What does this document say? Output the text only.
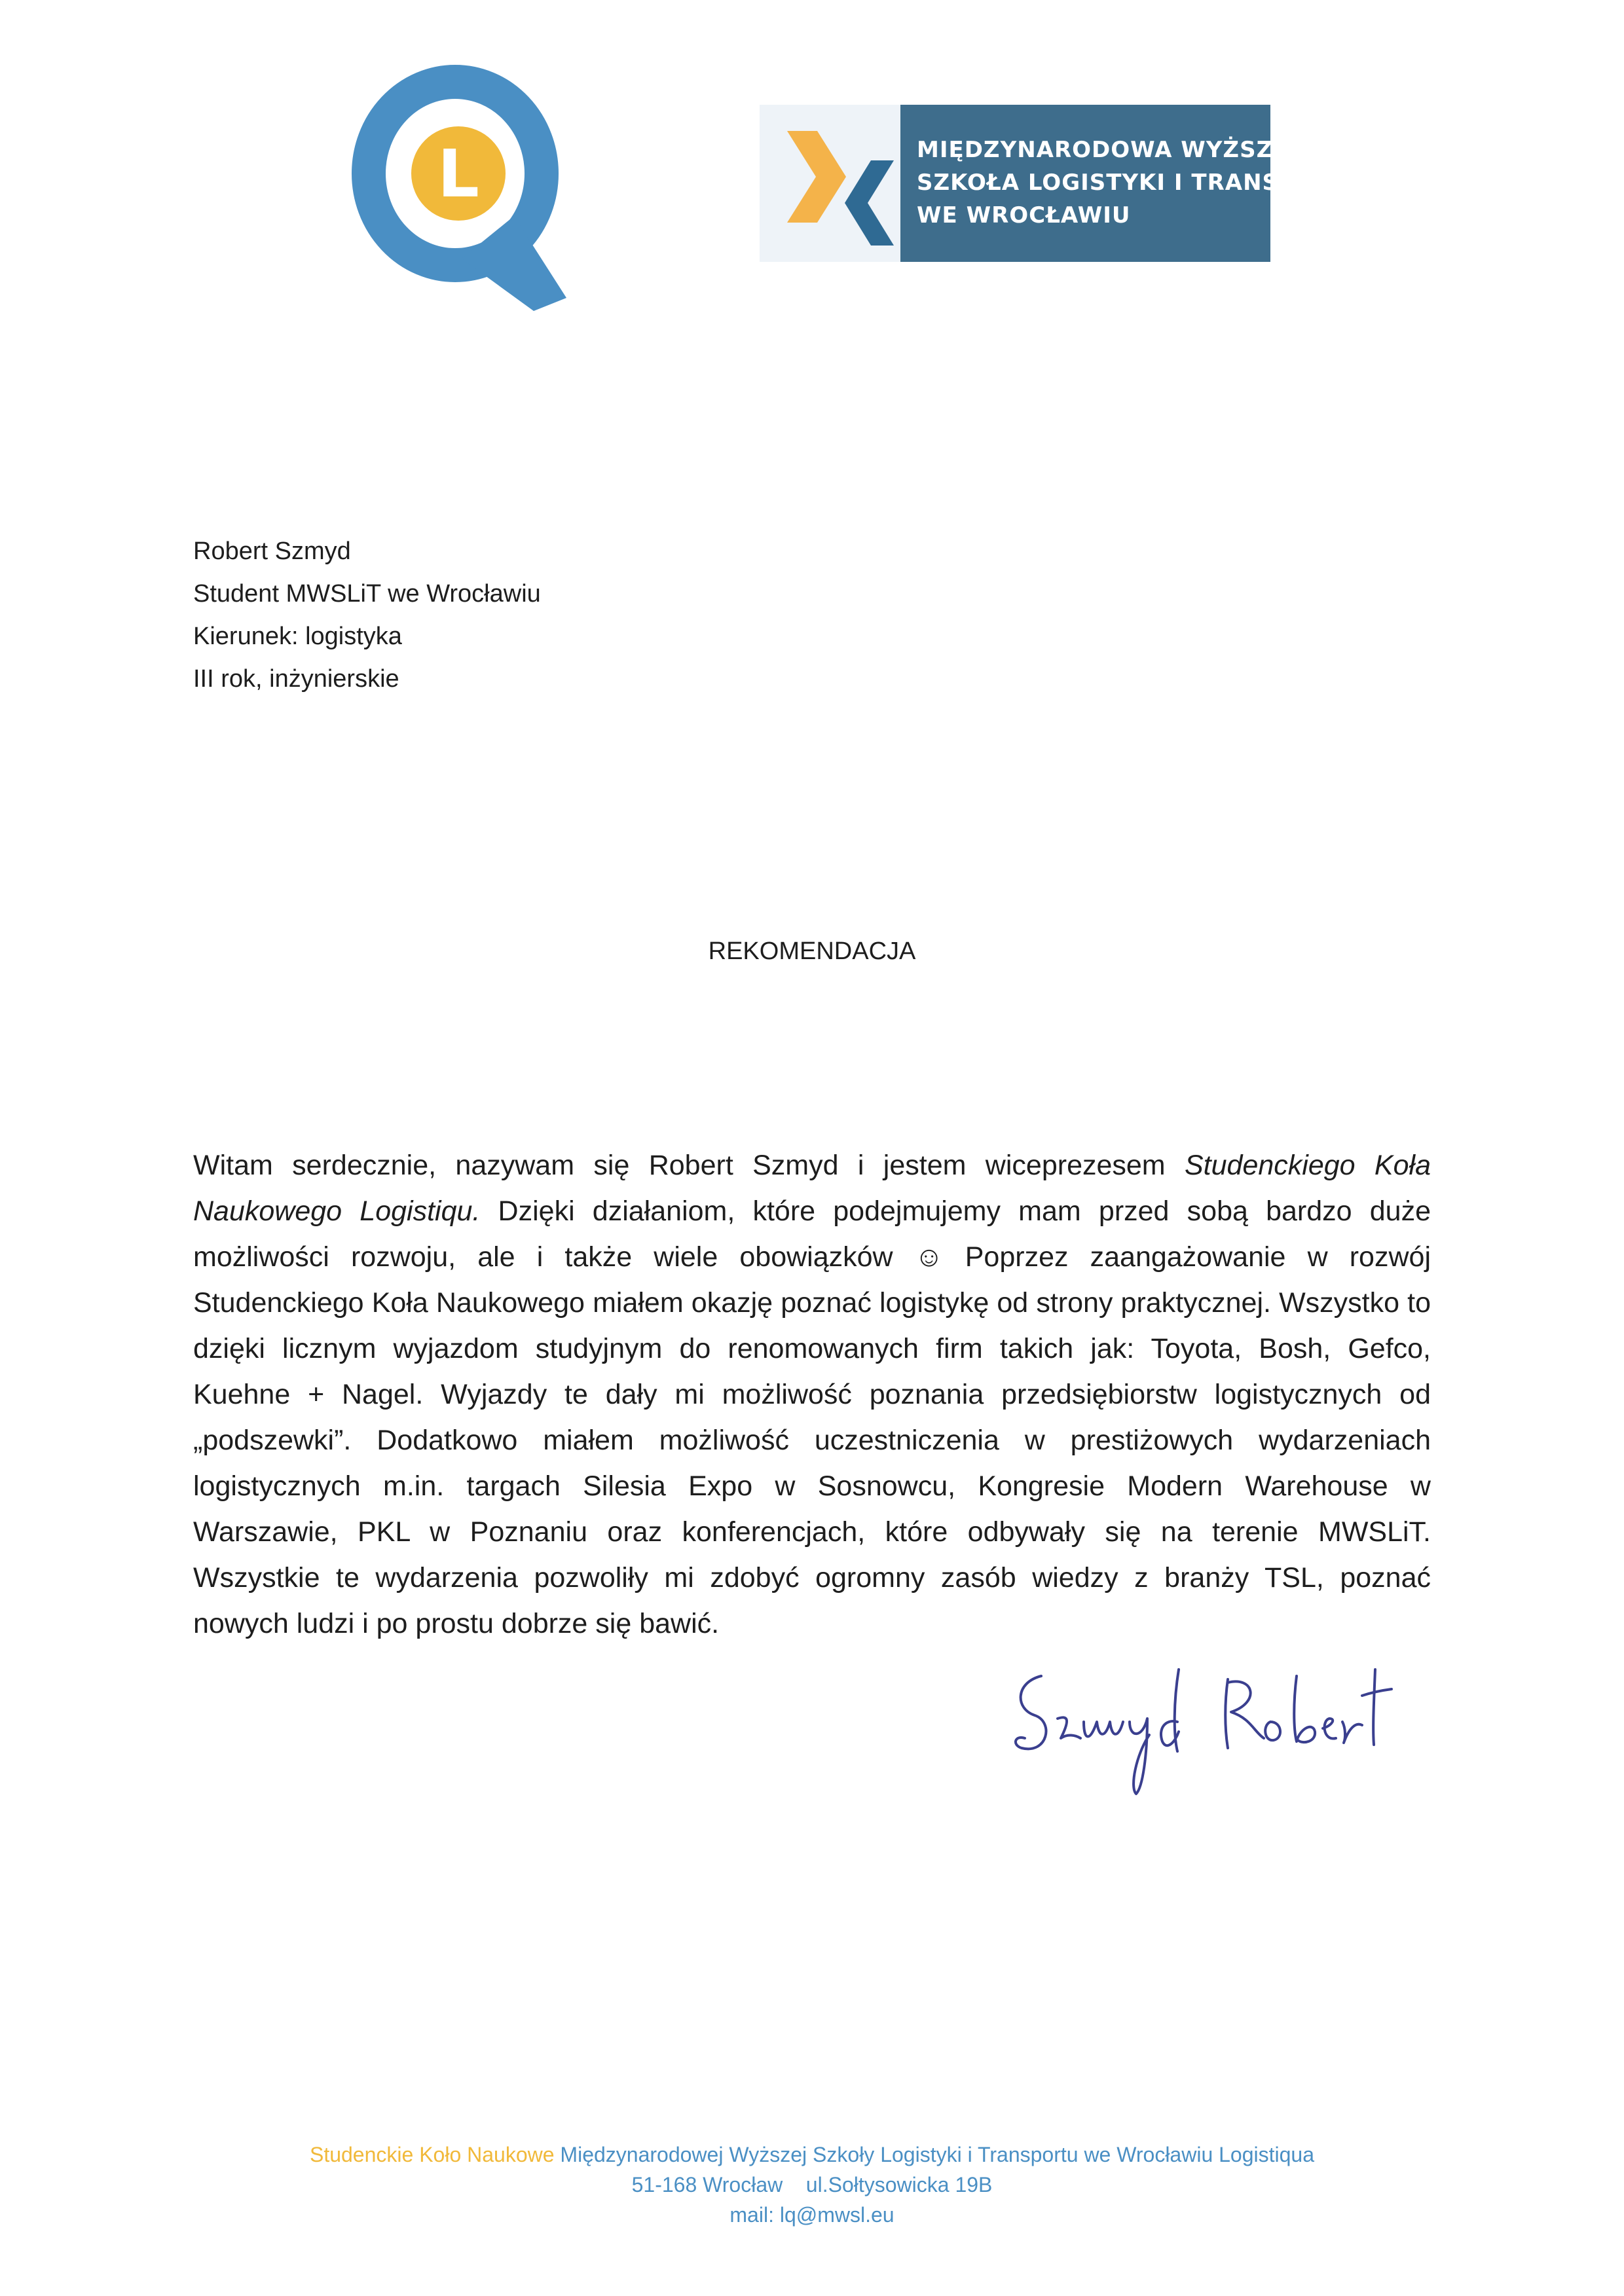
L	MIĘDZYNARODOWA WYŻSZA
SZKOŁA LOGISTYKI I TRANSPORTU
WE WROCŁAWIU
Robert Szmyd
Student MWSLiT we Wrocławiu
Kierunek: logistyka
III rok, inżynierskie
REKOMENDACJA
Witam serdecznie, nazywam się Robert Szmyd i jestem wiceprezesem Studenckiego Koła Naukowego Logistiqu. Dzięki działaniom, które podejmujemy mam przed sobą bardzo duże możliwości rozwoju, ale i także wiele obowiązków ☺ Poprzez zaangażowanie w rozwój Studenckiego Koła Naukowego miałem okazję poznać logistykę od strony praktycznej. Wszystko to dzięki licznym wyjazdom studyjnym do renomowanych firm takich jak: Toyota, Bosh, Gefco, Kuehne + Nagel. Wyjazdy te dały mi możliwość poznania przedsiębiorstw logistycznych od „podszewki”. Dodatkowo miałem możliwość uczestniczenia w prestiżowych wydarzeniach logistycznych m.in. targach Silesia Expo w Sosnowcu, Kongresie Modern Warehouse w Warszawie, PKL w Poznaniu oraz konferencjach, które odbywały się na terenie MWSLiT. Wszystkie te wydarzenia pozwoliły mi zdobyć ogromny zasób wiedzy z branży TSL, poznać nowych ludzi i po prostu dobrze się bawić.
Studenckie Koło Naukowe Międzynarodowej Wyższej Szkoły Logistyki i Transportu we Wrocławiu Logistiqua
51-168 Wrocław    ul.Sołtysowicka 19B
mail: lq@mwsl.eu
